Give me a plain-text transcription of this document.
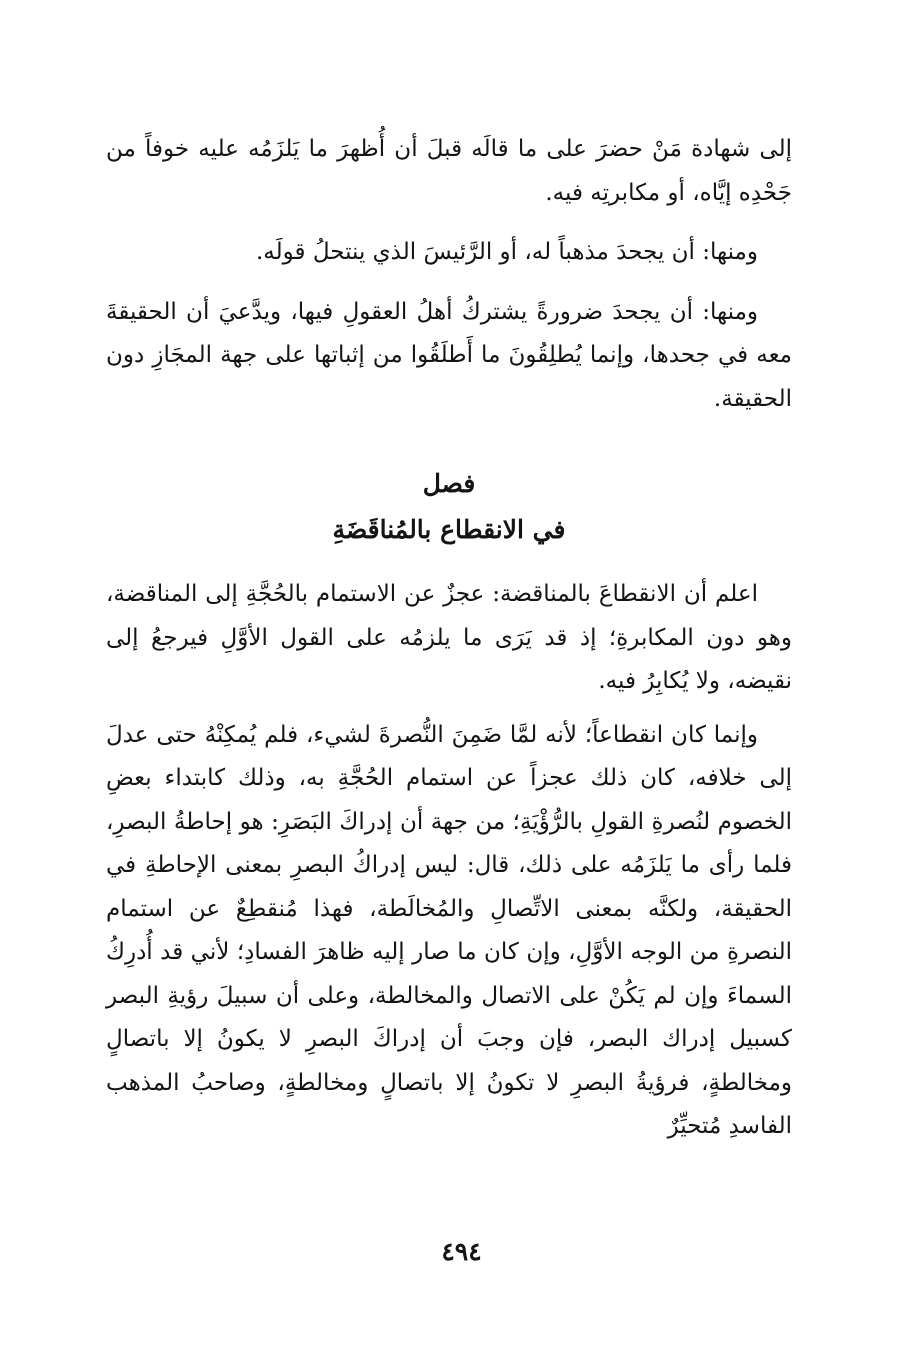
إلى شهادة مَنْ حضرَ على ما قالَه قبلَ أن أُظهرَ ما يَلزَمُه عليه خوفاً من جَحْدِه إيَّاه، أو مكابرتِه فيه.

ومنها: أن يجحدَ مذهباً له، أو الرَّئيسَ الذي ينتحلُ قولَه.

ومنها: أن يجحدَ ضرورةً يشتركُ أهلُ العقولِ فيها، ويدَّعيَ أن الحقيقةَ معه في جحدها، وإنما يُطلِقُونَ ما أَطلَقُوا من إثباتها على جهة المجَازِ دون الحقيقة.

فصل

في الانقطاع بالمُناقَضَةِ

اعلم أن الانقطاعَ بالمناقضة: عجزٌ عن الاستمام بالحُجَّةِ إلى المناقضة، وهو دون المكابرةِ؛ إذ قد يَرَى ما يلزمُه على القول الأوَّلِ فيرجعُ إلى نقيضه، ولا يُكابِرُ فيه.

وإنما كان انقطاعاً؛ لأنه لمَّا ضَمِنَ النُّصرةَ لشيء، فلم يُمكِنْهُ حتى عدلَ إلى خلافه، كان ذلك عجزاً عن استمام الحُجَّةِ به، وذلك كابتداء بعضِ الخصوم لنُصرةِ القولِ بالرُّؤْيَةِ؛ من جهة أن إدراكَ البَصَرِ: هو إحاطةُ البصرِ، فلما رأى ما يَلزَمُه على ذلك، قال: ليس إدراكُ البصرِ بمعنى الإحاطةِ في الحقيقة، ولكنَّه بمعنى الاتِّصالِ والمُخالَطة، فهذا مُنقطِعٌ عن استمام النصرةِ من الوجه الأوَّلِ، وإن كان ما صار إليه ظاهرَ الفسادِ؛ لأني قد أُدرِكُ السماءَ وإن لم يَكُنْ على الاتصال والمخالطة، وعلى أن سبيلَ رؤيةِ البصر كسبيل إدراك البصر، فإن وجبَ أن إدراكَ البصرِ لا يكونُ إلا باتصالٍ ومخالطةٍ، فرؤيةُ البصرِ لا تكونُ إلا باتصالٍ ومخالطةٍ، وصاحبُ المذهب الفاسدِ مُتحيِّرٌ

٤٩٤
